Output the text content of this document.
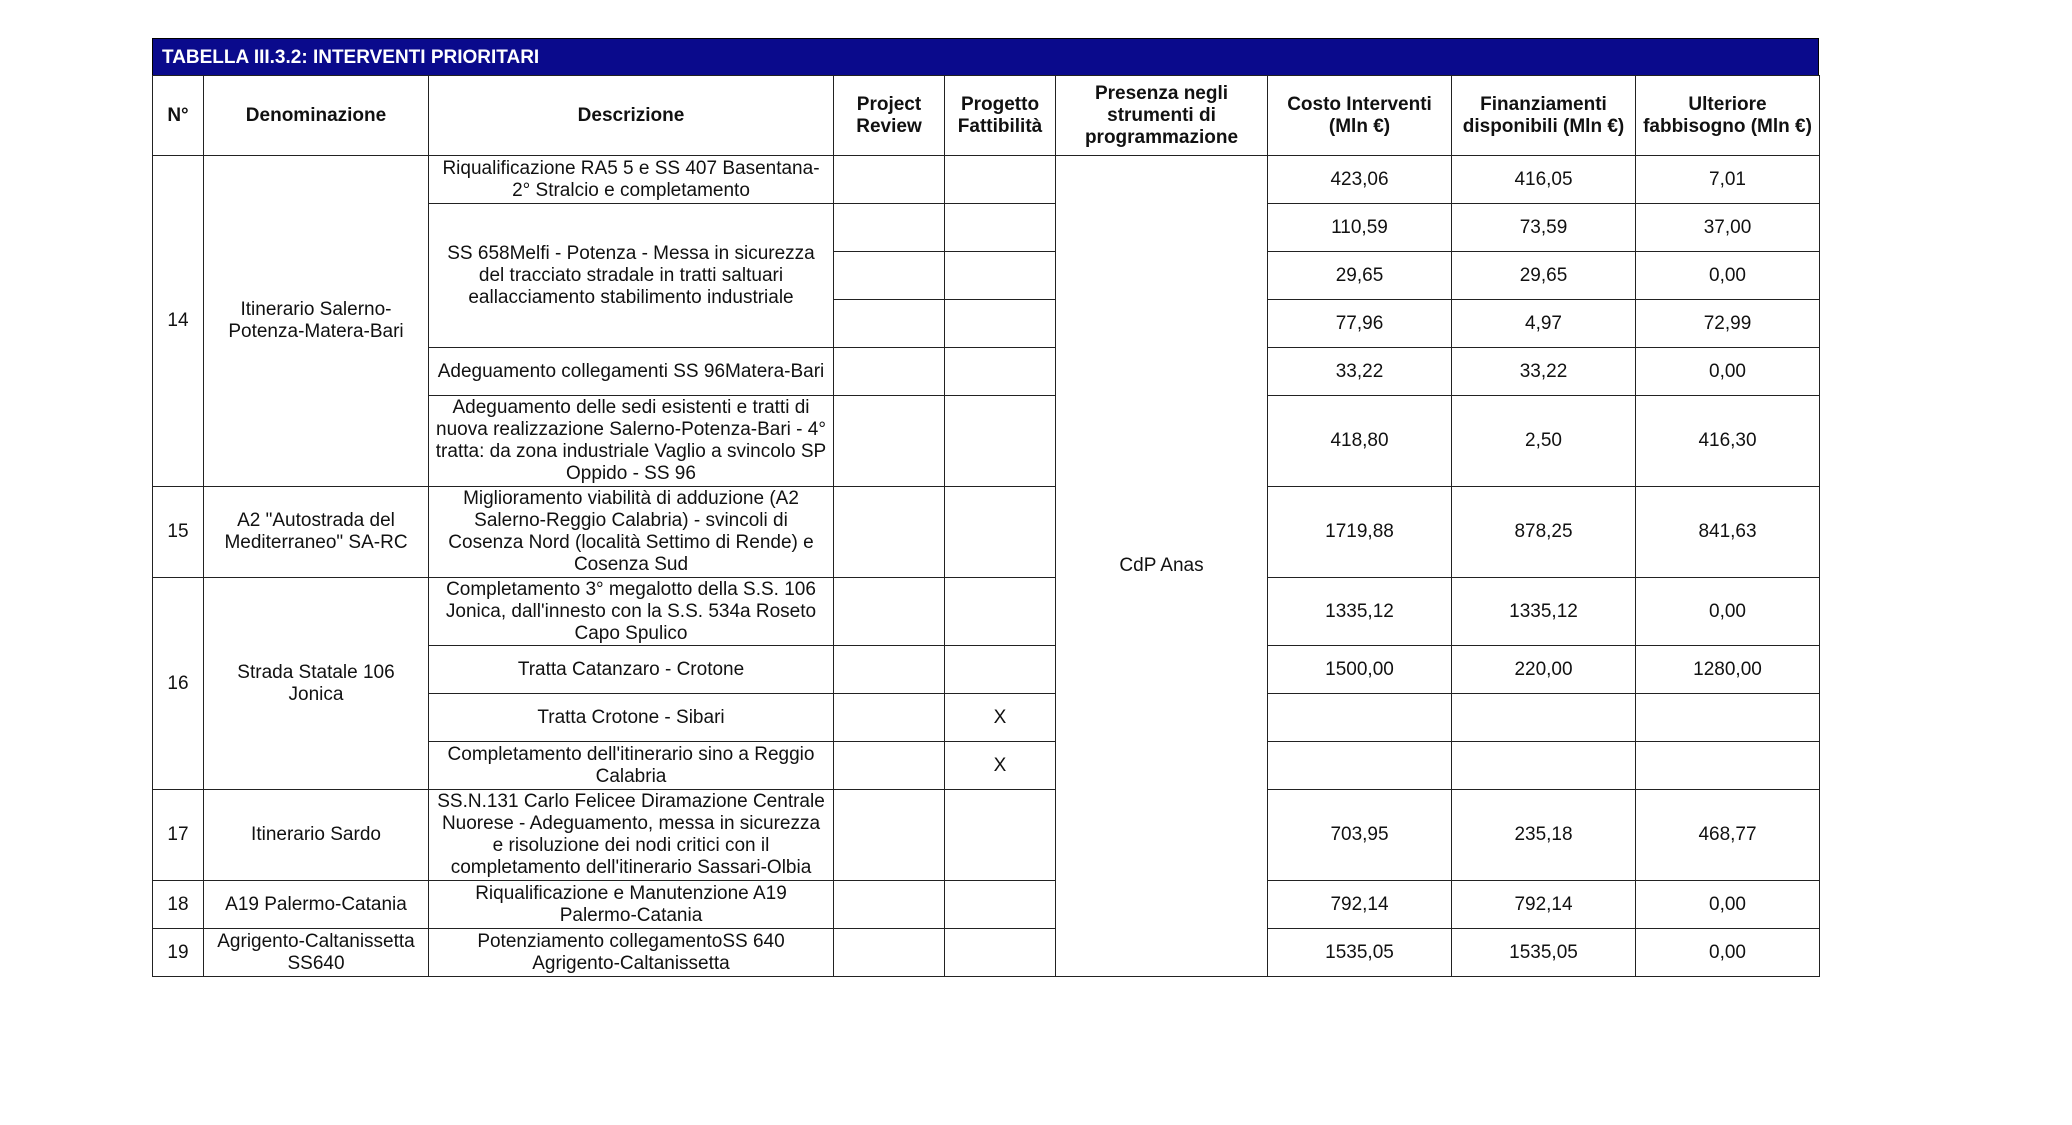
TABELLA III.3.2: INTERVENTI PRIORITARI
N°	Denominazione	Descrizione	Project Review	Progetto Fattibilità	Presenza negli strumenti di programmazione	Costo Interventi (Mln €)	Finanziamenti disponibili (Mln €)	Ulteriore fabbisogno (Mln €)
14	Itinerario Salerno-Potenza-Matera-Bari	Riqualificazione RA5 5 e SS 407 Basentana- 2° Stralcio e completamento			CdP Anas	423,06	416,05	7,01
		SS 658Melfi - Potenza - Messa in sicurezza del tracciato stradale in tratti saltuari eallacciamento stabilimento industriale				110,59	73,59	37,00
						29,65	29,65	0,00
						77,96	4,97	72,99
		Adeguamento collegamenti SS 96Matera-Bari				33,22	33,22	0,00
		Adeguamento delle sedi esistenti e tratti di nuova realizzazione Salerno-Potenza-Bari - 4° tratta: da zona industriale Vaglio a svincolo SP Oppido - SS 96				418,80	2,50	416,30
15	A2 "Autostrada del Mediterraneo" SA-RC	Miglioramento viabilità di adduzione (A2 Salerno-Reggio Calabria) - svincoli di Cosenza Nord (località Settimo di Rende) e Cosenza Sud				1719,88	878,25	841,63
16	Strada Statale 106 Jonica	Completamento 3° megalotto della S.S. 106 Jonica, dall'innesto con la S.S. 534a Roseto Capo Spulico				1335,12	1335,12	0,00
		Tratta Catanzaro - Crotone				1500,00	220,00	1280,00
		Tratta Crotone - Sibari		X				
		Completamento dell'itinerario sino a Reggio Calabria		X				
17	Itinerario Sardo	SS.N.131 Carlo Felicee Diramazione Centrale Nuorese - Adeguamento, messa in sicurezza e risoluzione dei nodi critici con il completamento dell'itinerario Sassari-Olbia				703,95	235,18	468,77
18	A19 Palermo-Catania	Riqualificazione e Manutenzione A19 Palermo-Catania				792,14	792,14	0,00
19	Agrigento-Caltanissetta SS640	Potenziamento collegamentoSS 640 Agrigento-Caltanissetta				1535,05	1535,05	0,00
